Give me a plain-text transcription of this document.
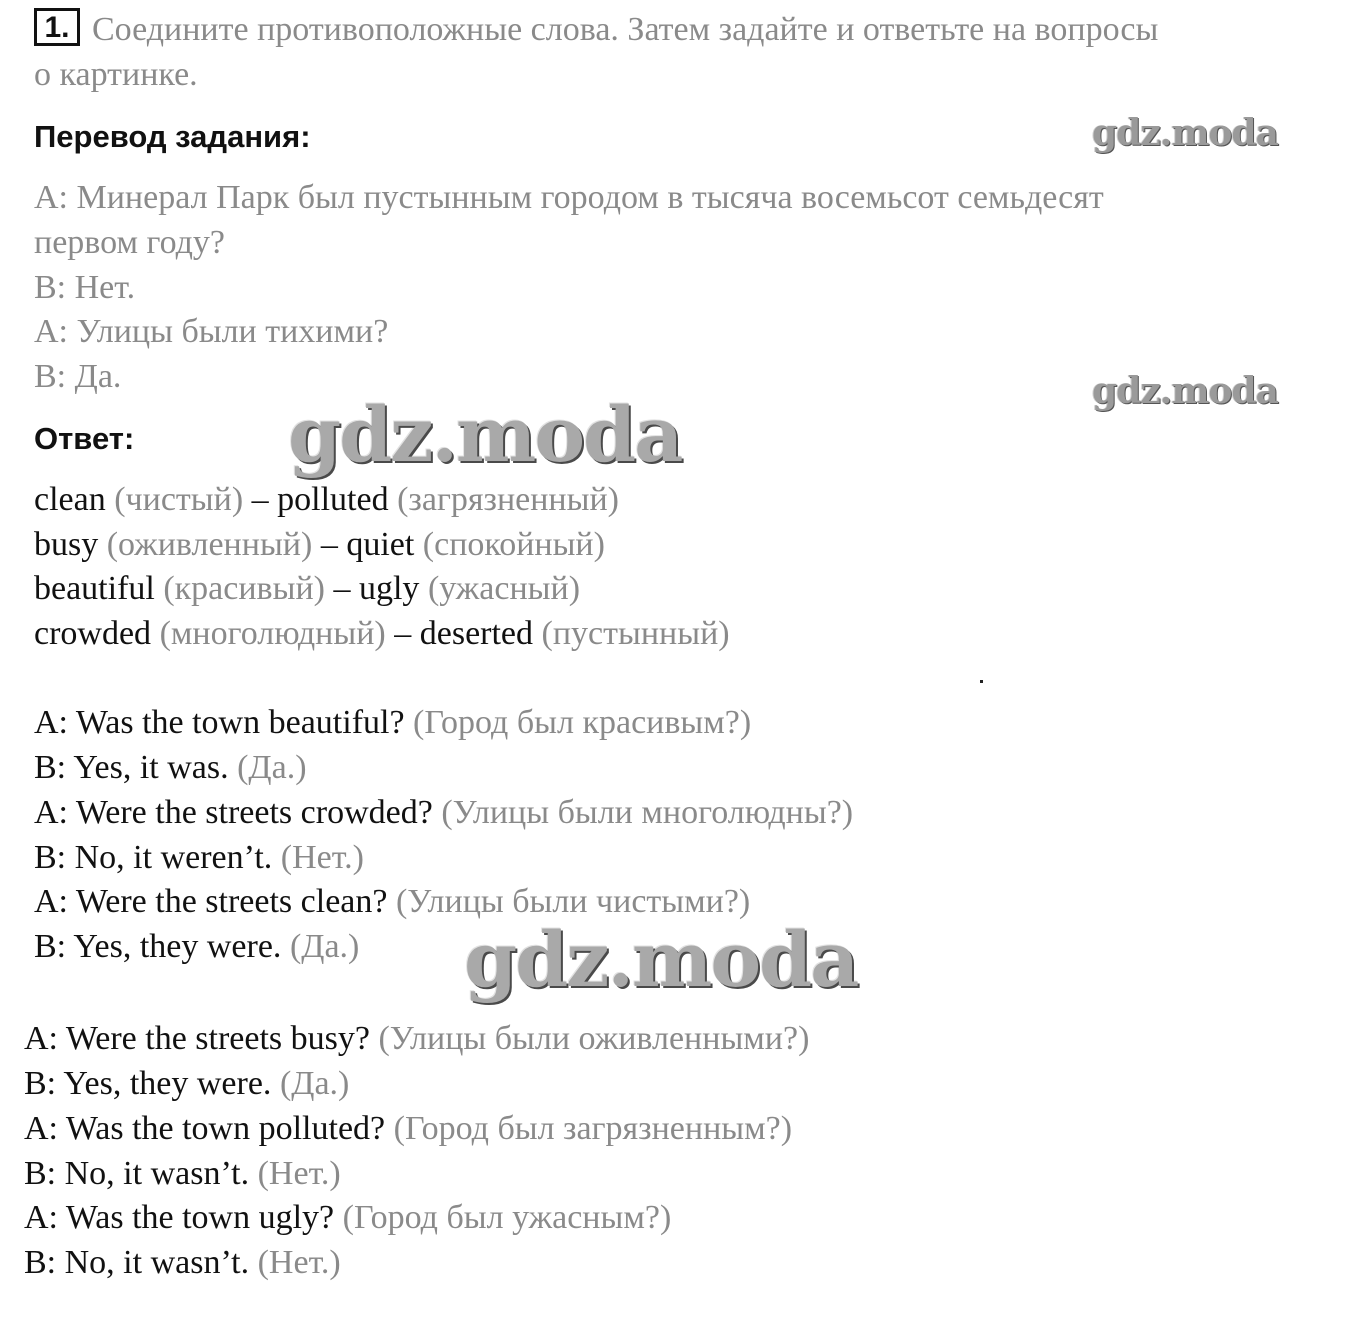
1. Соедините противоположные слова. Затем задайте и ответьте на вопросы
о картинке.
Перевод задания:
А: Минерал Парк был пустынным городом в тысяча восемьсот семьдесят
первом году?
В: Нет.
А: Улицы были тихими?
В: Да.
Ответ:
clean (чистый) – polluted (загрязненный)
busy (оживленный) – quiet (спокойный)
beautiful (красивый) – ugly (ужасный)
crowded (многолюдный) – deserted (пустынный)
A: Was the town beautiful? (Город был красивым?)
B: Yes, it was. (Да.)
A: Were the streets crowded? (Улицы были многолюдны?)
B: No, it weren’t. (Нет.)
A: Were the streets clean? (Улицы были чистыми?)
B: Yes, they were. (Да.)
A: Were the streets busy? (Улицы были оживленными?)
B: Yes, they were. (Да.)
A: Was the town polluted? (Город был загрязненным?)
B: No, it wasn’t. (Нет.)
A: Was the town ugly? (Город был ужасным?)
B: No, it wasn’t. (Нет.)
gdz.moda
gdz.moda
gdz.moda
gdz.moda
